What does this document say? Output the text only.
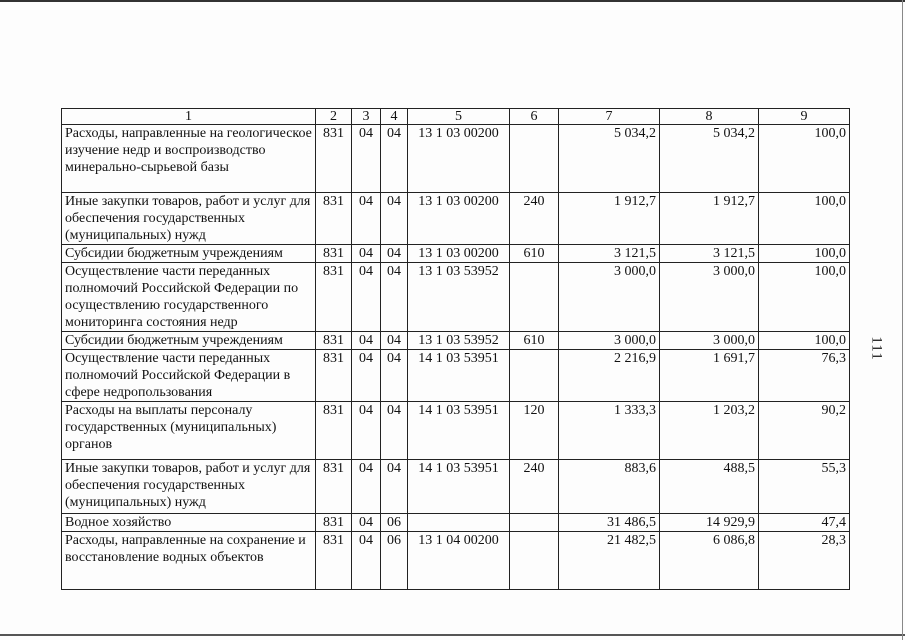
1	2	3	4	5	6	7	8	9
Расходы, направленные на геологическое изучение недр и воспроизводство минерально-сырьевой базы	831	04	04	13 1 03 00200		5 034,2	5 034,2	100,0
Иные закупки товаров, работ и услуг для обеспечения государственных (муниципальных) нужд	831	04	04	13 1 03 00200	240	1 912,7	1 912,7	100,0
Субсидии бюджетным учреждениям	831	04	04	13 1 03 00200	610	3 121,5	3 121,5	100,0
Осуществление части переданных полномочий Российской Федерации по осуществлению государственного мониторинга состояния недр	831	04	04	13 1 03 53952		3 000,0	3 000,0	100,0
Субсидии бюджетным учреждениям	831	04	04	13 1 03 53952	610	3 000,0	3 000,0	100,0
Осуществление части переданных полномочий Российской Федерации в сфере недропользования	831	04	04	14 1 03 53951		2 216,9	1 691,7	76,3
Расходы на выплаты персоналу государственных (муниципальных) органов	831	04	04	14 1 03 53951	120	1 333,3	1 203,2	90,2
Иные закупки товаров, работ и услуг для обеспечения государственных (муниципальных) нужд	831	04	04	14 1 03 53951	240	883,6	488,5	55,3
Водное хозяйство	831	04	06			31 486,5	14 929,9	47,4
Расходы, направленные на сохранение и восстановление водных объектов	831	04	06	13 1 04 00200		21 482,5	6 086,8	28,3
111
